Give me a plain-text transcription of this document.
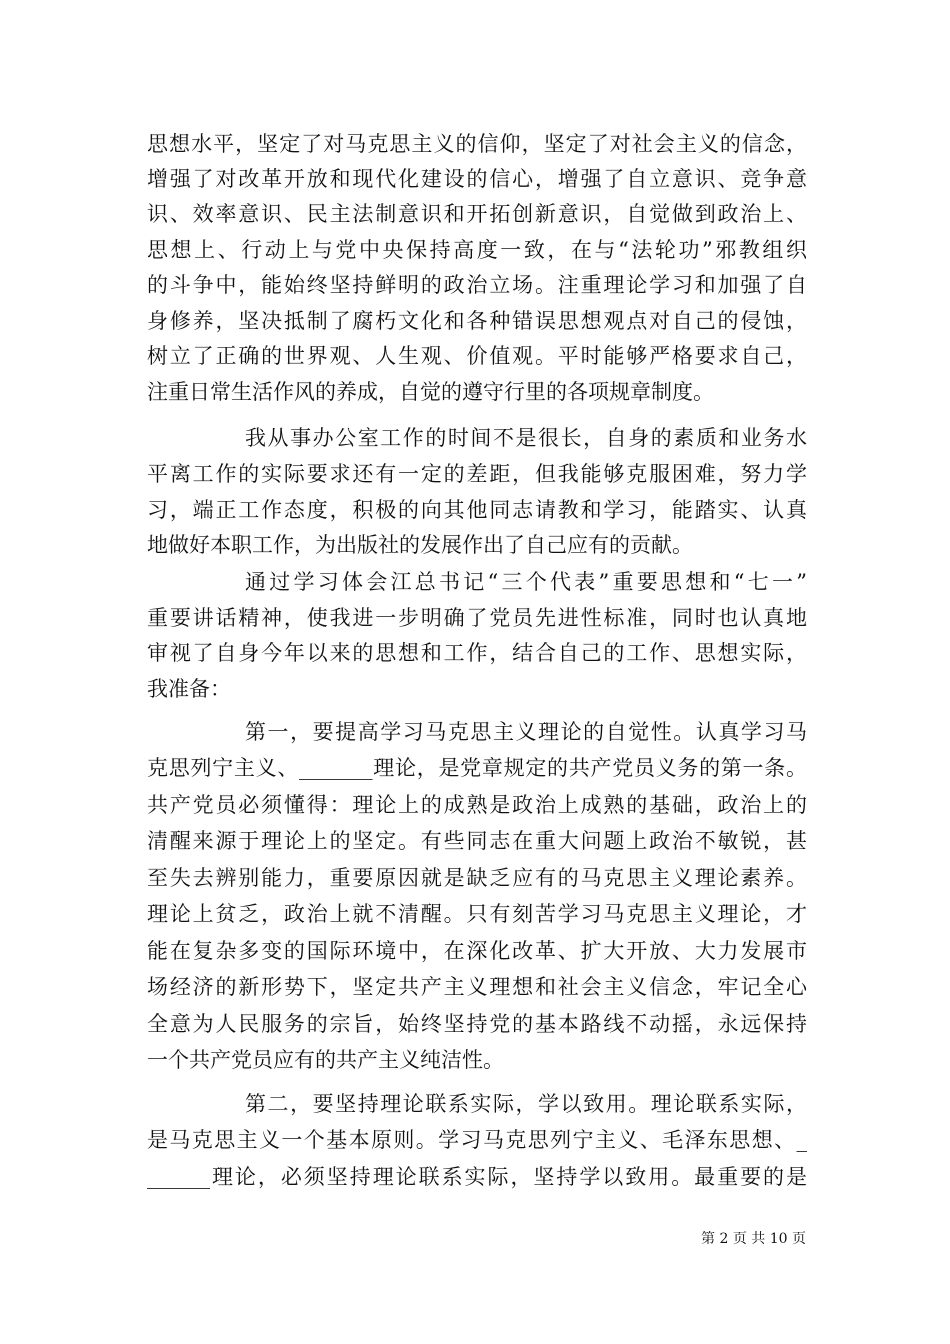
思想水平，坚定了对马克思主义的信仰，坚定了对社会主义的信念，
增强了对改革开放和现代化建设的信心，增强了自立意识、竞争意
识、效率意识、民主法制意识和开拓创新意识，自觉做到政治上、
思想上、行动上与党中央保持高度一致，在与“法轮功”邪教组织
的斗争中，能始终坚持鲜明的政治立场。注重理论学习和加强了自
身修养，坚决抵制了腐朽文化和各种错误思想观点对自己的侵蚀，
树立了正确的世界观、人生观、价值观。平时能够严格要求自己，
注重日常生活作风的养成，自觉的遵守行里的各项规章制度。
我从事办公室工作的时间不是很长，自身的素质和业务水
平离工作的实际要求还有一定的差距，但我能够克服困难，努力学
习，端正工作态度，积极的向其他同志请教和学习，能踏实、认真
地做好本职工作，为出版社的发展作出了自己应有的贡献。
通过学习体会江总书记“三个代表”重要思想和“七一”
重要讲话精神，使我进一步明确了党员先进性标准，同时也认真地
审视了自身今年以来的思想和工作，结合自己的工作、思想实际，
我准备：
第一，要提高学习马克思主义理论的自觉性。认真学习马
克思列宁主义、_______理论，是党章规定的共产党员义务的第一条。
共产党员必须懂得：理论上的成熟是政治上成熟的基础，政治上的
清醒来源于理论上的坚定。有些同志在重大问题上政治不敏锐，甚
至失去辨别能力，重要原因就是缺乏应有的马克思主义理论素养。
理论上贫乏，政治上就不清醒。只有刻苦学习马克思主义理论，才
能在复杂多变的国际环境中，在深化改革、扩大开放、大力发展市
场经济的新形势下，坚定共产主义理想和社会主义信念，牢记全心
全意为人民服务的宗旨，始终坚持党的基本路线不动摇，永远保持
一个共产党员应有的共产主义纯洁性。
第二，要坚持理论联系实际，学以致用。理论联系实际，
是马克思主义一个基本原则。学习马克思列宁主义、毛泽东思想、_
______理论，必须坚持理论联系实际，坚持学以致用。最重要的是
第 2 页 共 10 页
